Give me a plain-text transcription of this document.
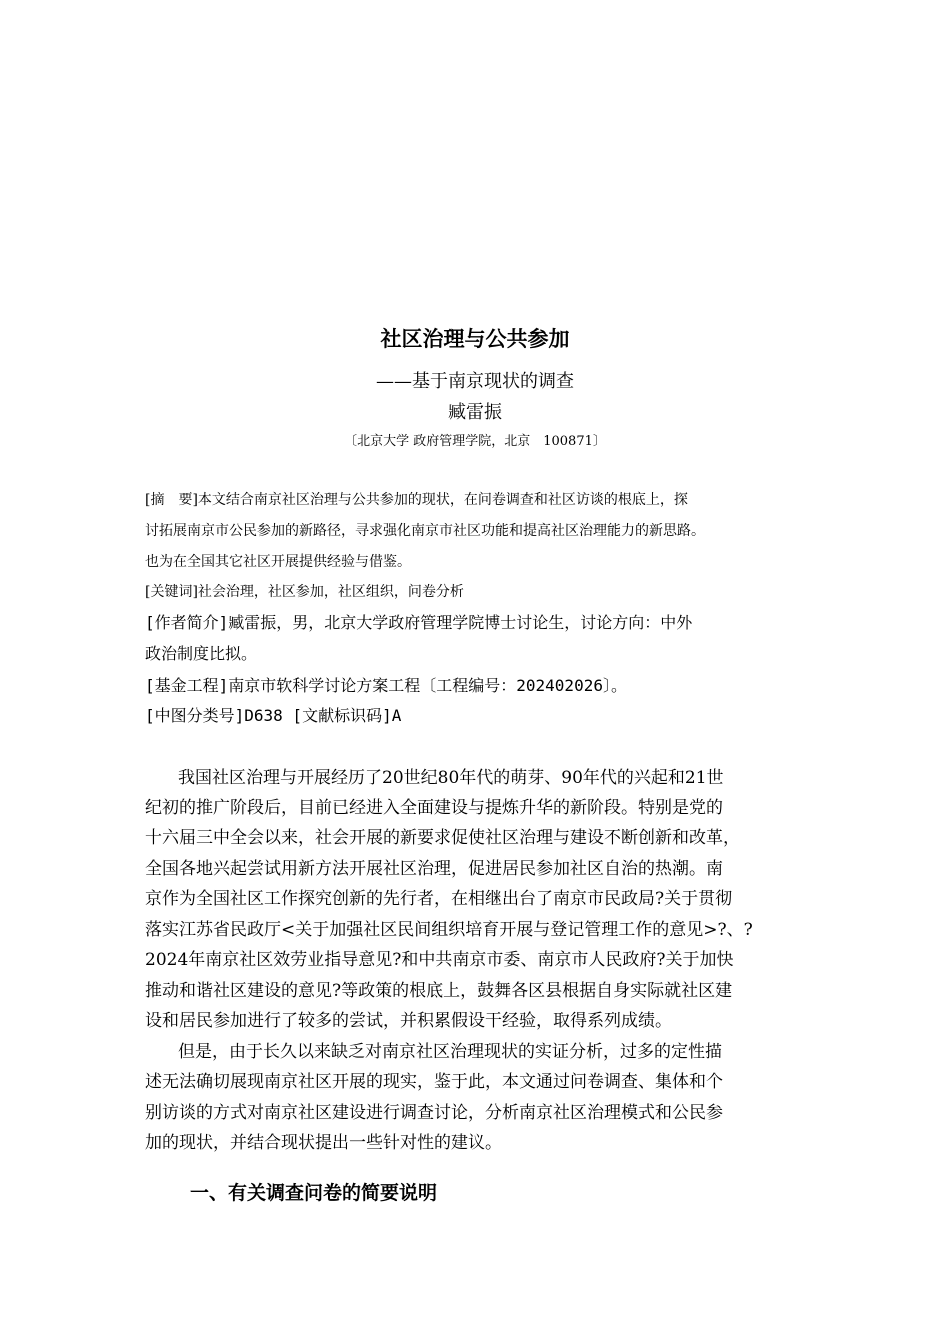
社区治理与公共参加
——基于南京现状的调查
臧雷振
〔北京大学 政府管理学院，北京　100871〕
[摘　要]本文结合南京社区治理与公共参加的现状，在问卷调查和社区访谈的根底上，探
讨拓展南京市公民参加的新路径，寻求强化南京市社区功能和提高社区治理能力的新思路。
也为在全国其它社区开展提供经验与借鉴。
[关键词]社会治理，社区参加，社区组织，问卷分析
[作者简介]臧雷振，男，北京大学政府管理学院博士讨论生，讨论方向：中外
政治制度比拟。
[基金工程]南京市软科学讨论方案工程〔工程编号：202402026〕。
[中图分类号]D638 [文献标识码]A
我国社区治理与开展经历了20世纪80年代的萌芽、90年代的兴起和21世
纪初的推广阶段后，目前已经进入全面建设与提炼升华的新阶段。特别是党的
十六届三中全会以来，社会开展的新要求促使社区治理与建设不断创新和改革，
全国各地兴起尝试用新方法开展社区治理，促进居民参加社区自治的热潮。南
京作为全国社区工作探究创新的先行者，在相继出台了南京市民政局?关于贯彻
落实江苏省民政厅<关于加强社区民间组织培育开展与登记管理工作的意见>?、?
2024年南京社区效劳业指导意见?和中共南京市委、南京市人民政府?关于加快
推动和谐社区建设的意见?等政策的根底上，鼓舞各区县根据自身实际就社区建
设和居民参加进行了较多的尝试，并积累假设干经验，取得系列成绩。
但是，由于长久以来缺乏对南京社区治理现状的实证分析，过多的定性描
述无法确切展现南京社区开展的现实，鉴于此，本文通过问卷调查、集体和个
别访谈的方式对南京社区建设进行调查讨论，分析南京社区治理模式和公民参
加的现状，并结合现状提出一些针对性的建议。
一、有关调查问卷的简要说明
